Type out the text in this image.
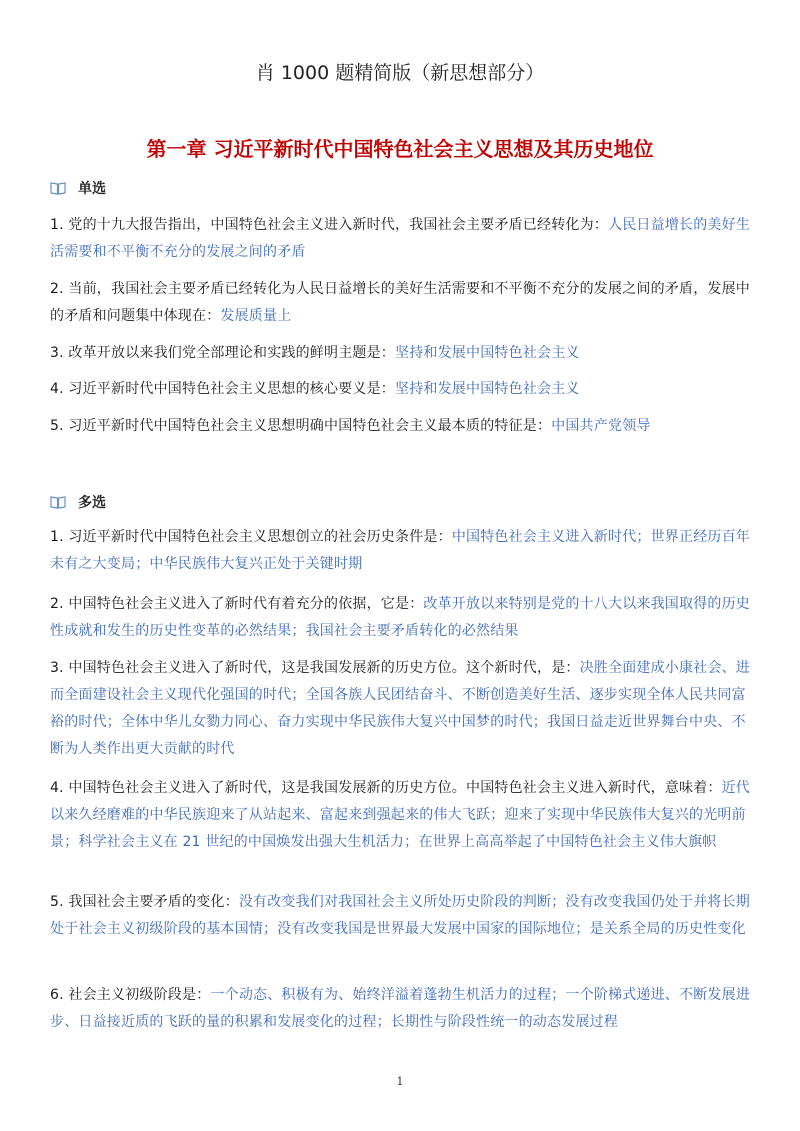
肖 1000 题精简版（新思想部分）
第一章 习近平新时代中国特色社会主义思想及其历史地位
单选
1. 党的十九大报告指出，中国特色社会主义进入新时代，我国社会主要矛盾已经转化为：人民日益增长的美好生活需要和不平衡不充分的发展之间的矛盾
2. 当前，我国社会主要矛盾已经转化为人民日益增长的美好生活需要和不平衡不充分的发展之间的矛盾，发展中的矛盾和问题集中体现在：发展质量上
3. 改革开放以来我们党全部理论和实践的鲜明主题是：坚持和发展中国特色社会主义
4. 习近平新时代中国特色社会主义思想的核心要义是：坚持和发展中国特色社会主义
5. 习近平新时代中国特色社会主义思想明确中国特色社会主义最本质的特征是：中国共产党领导
多选
1. 习近平新时代中国特色社会主义思想创立的社会历史条件是：中国特色社会主义进入新时代；世界正经历百年未有之大变局；中华民族伟大复兴正处于关键时期
2. 中国特色社会主义进入了新时代有着充分的依据，它是：改革开放以来特别是党的十八大以来我国取得的历史性成就和发生的历史性变革的必然结果；我国社会主要矛盾转化的必然结果
3. 中国特色社会主义进入了新时代，这是我国发展新的历史方位。这个新时代，是：决胜全面建成小康社会、进而全面建设社会主义现代化强国的时代；全国各族人民团结奋斗、不断创造美好生活、逐步实现全体人民共同富裕的时代；全体中华儿女勠力同心、奋力实现中华民族伟大复兴中国梦的时代；我国日益走近世界舞台中央、不断为人类作出更大贡献的时代
4. 中国特色社会主义进入了新时代，这是我国发展新的历史方位。中国特色社会主义进入新时代，意味着：近代以来久经磨难的中华民族迎来了从站起来、富起来到强起来的伟大飞跃；迎来了实现中华民族伟大复兴的光明前景；科学社会主义在 21 世纪的中国焕发出强大生机活力；在世界上高高举起了中国特色社会主义伟大旗帜
5. 我国社会主要矛盾的变化：没有改变我们对我国社会主义所处历史阶段的判断；没有改变我国仍处于并将长期处于社会主义初级阶段的基本国情；没有改变我国是世界最大发展中国家的国际地位；是关系全局的历史性变化
6. 社会主义初级阶段是：一个动态、积极有为、始终洋溢着蓬勃生机活力的过程；一个阶梯式递进、不断发展进步、日益接近质的飞跃的量的积累和发展变化的过程；长期性与阶段性统一的动态发展过程
1
